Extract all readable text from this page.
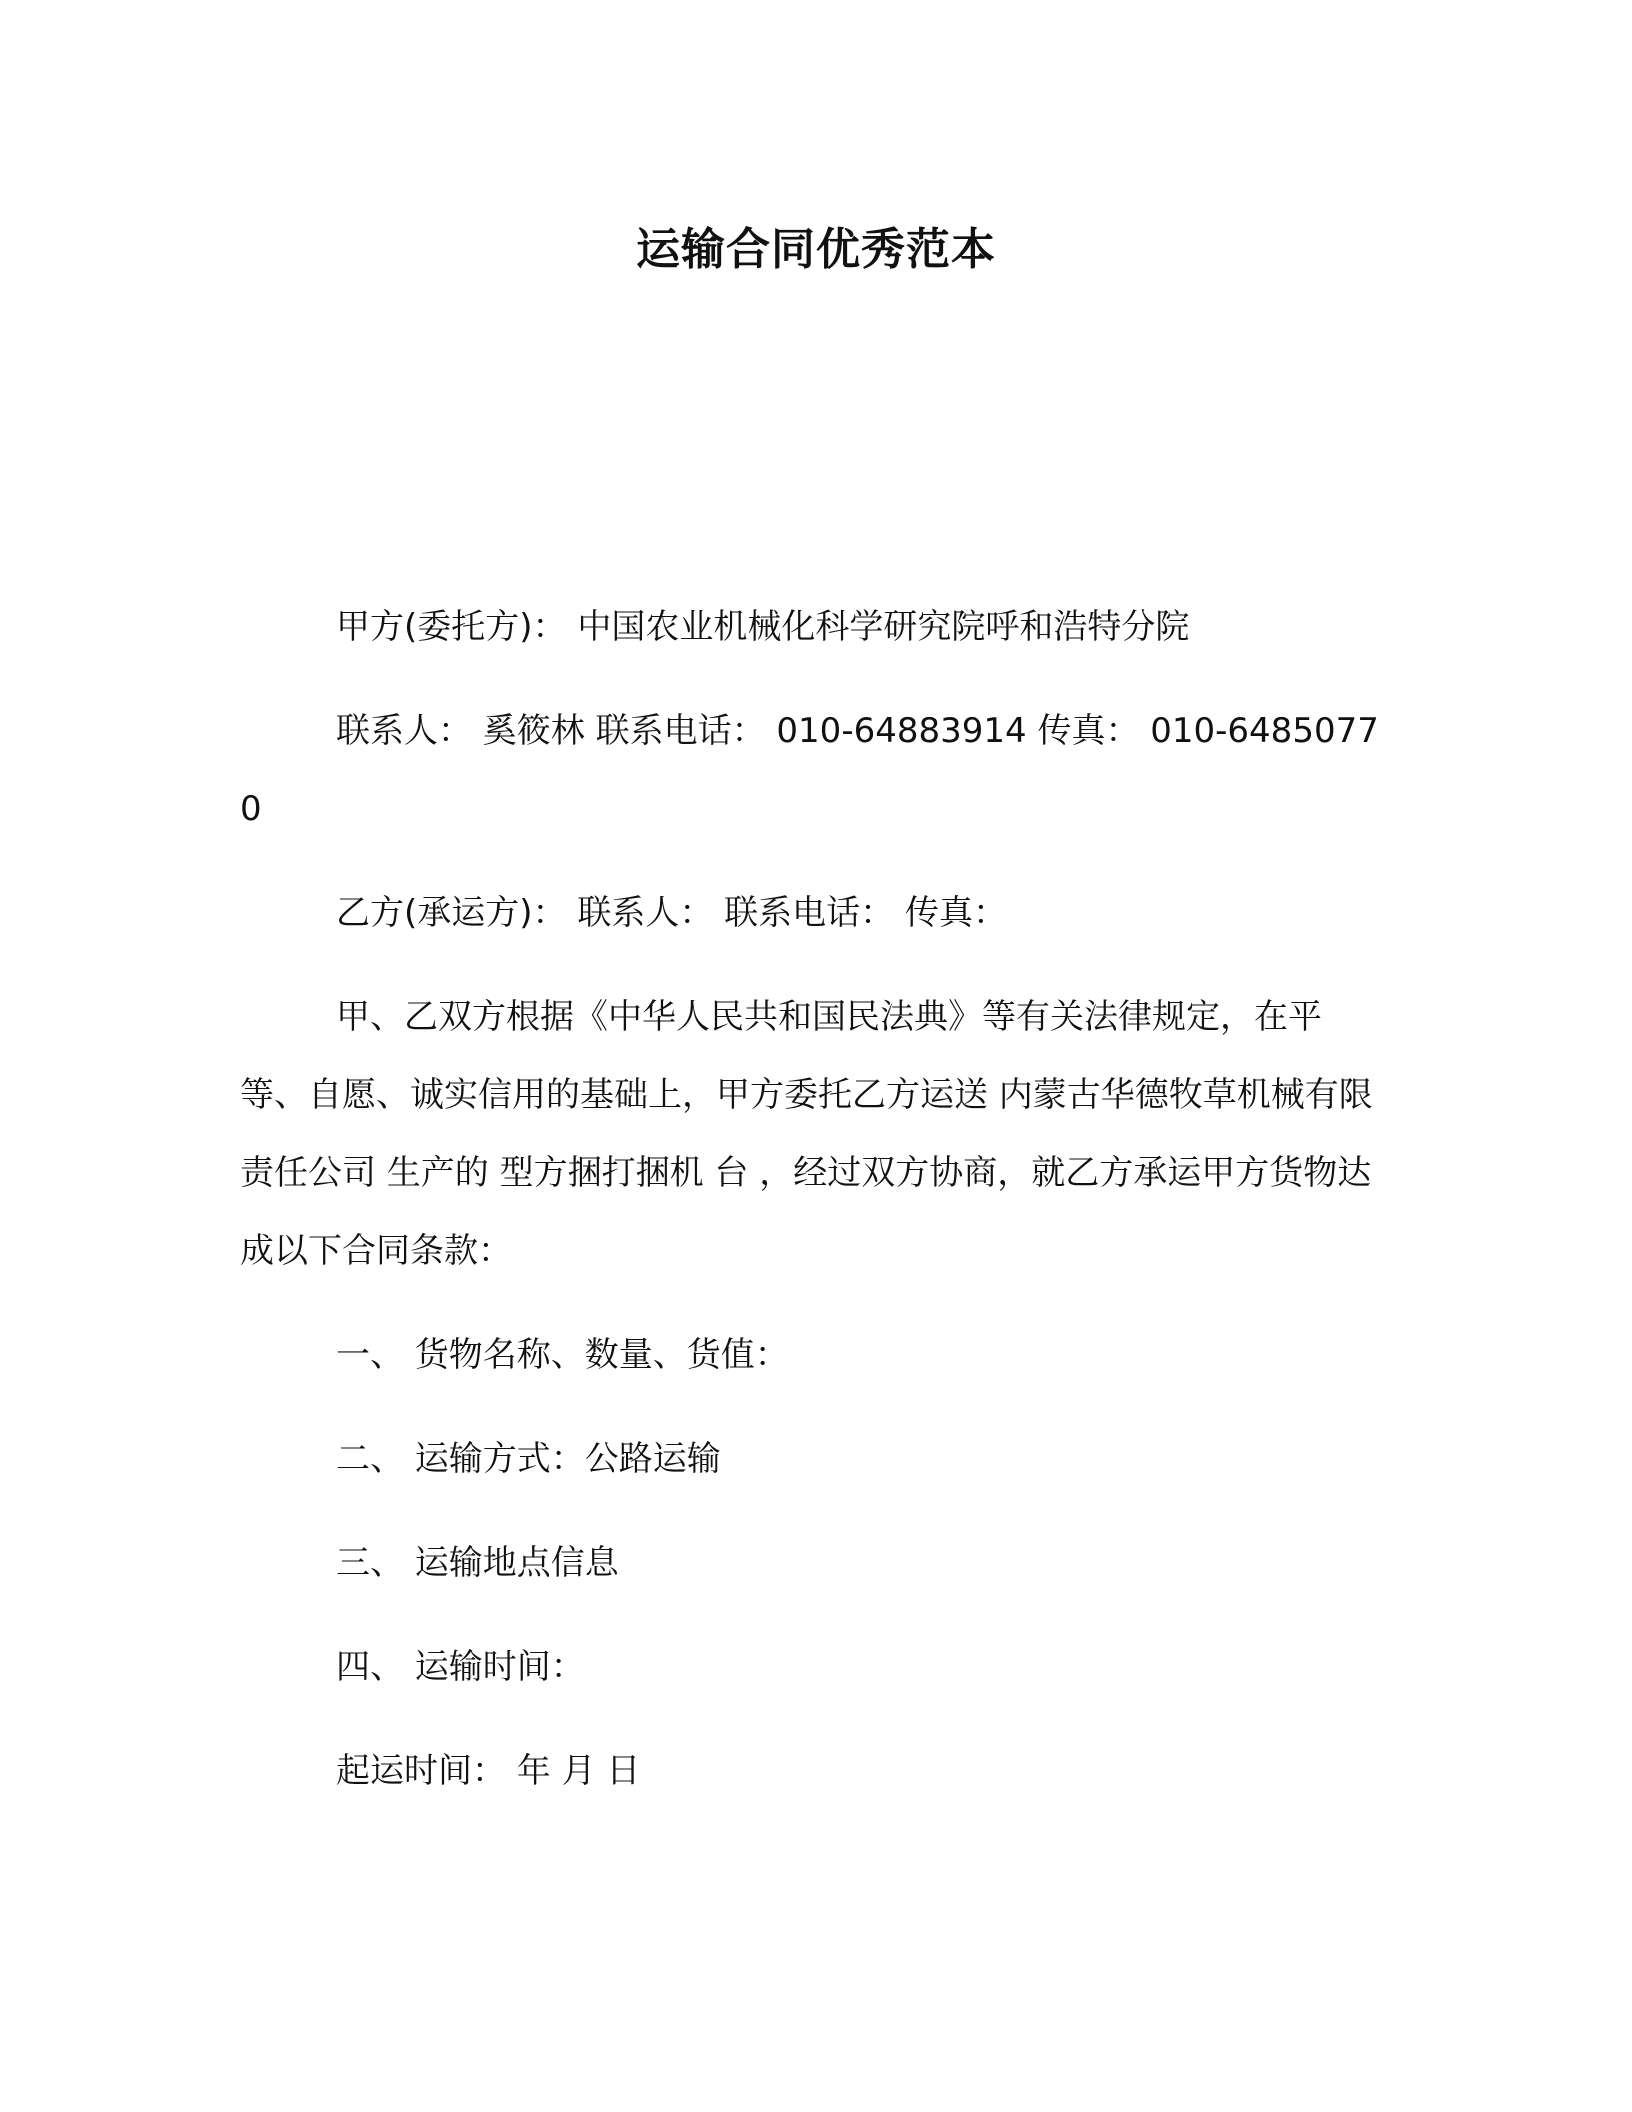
运输合同优秀范本

甲方(委托方)： 中国农业机械化科学研究院呼和浩特分院

联系人： 奚筱林 联系电话： 010-64883914 传真： 010-64850770

乙方(承运方)： 联系人： 联系电话： 传真：

甲、乙双方根据《中华人民共和国民法典》等有关法律规定，在平等、自愿、诚实信用的基础上，甲方委托乙方运送 内蒙古华德牧草机械有限责任公司 生产的 型方捆打捆机 台 ，经过双方协商，就乙方承运甲方货物达成以下合同条款：

一、 货物名称、数量、货值：

二、 运输方式：公路运输

三、 运输地点信息

四、 运输时间：

起运时间： 年 月 日
